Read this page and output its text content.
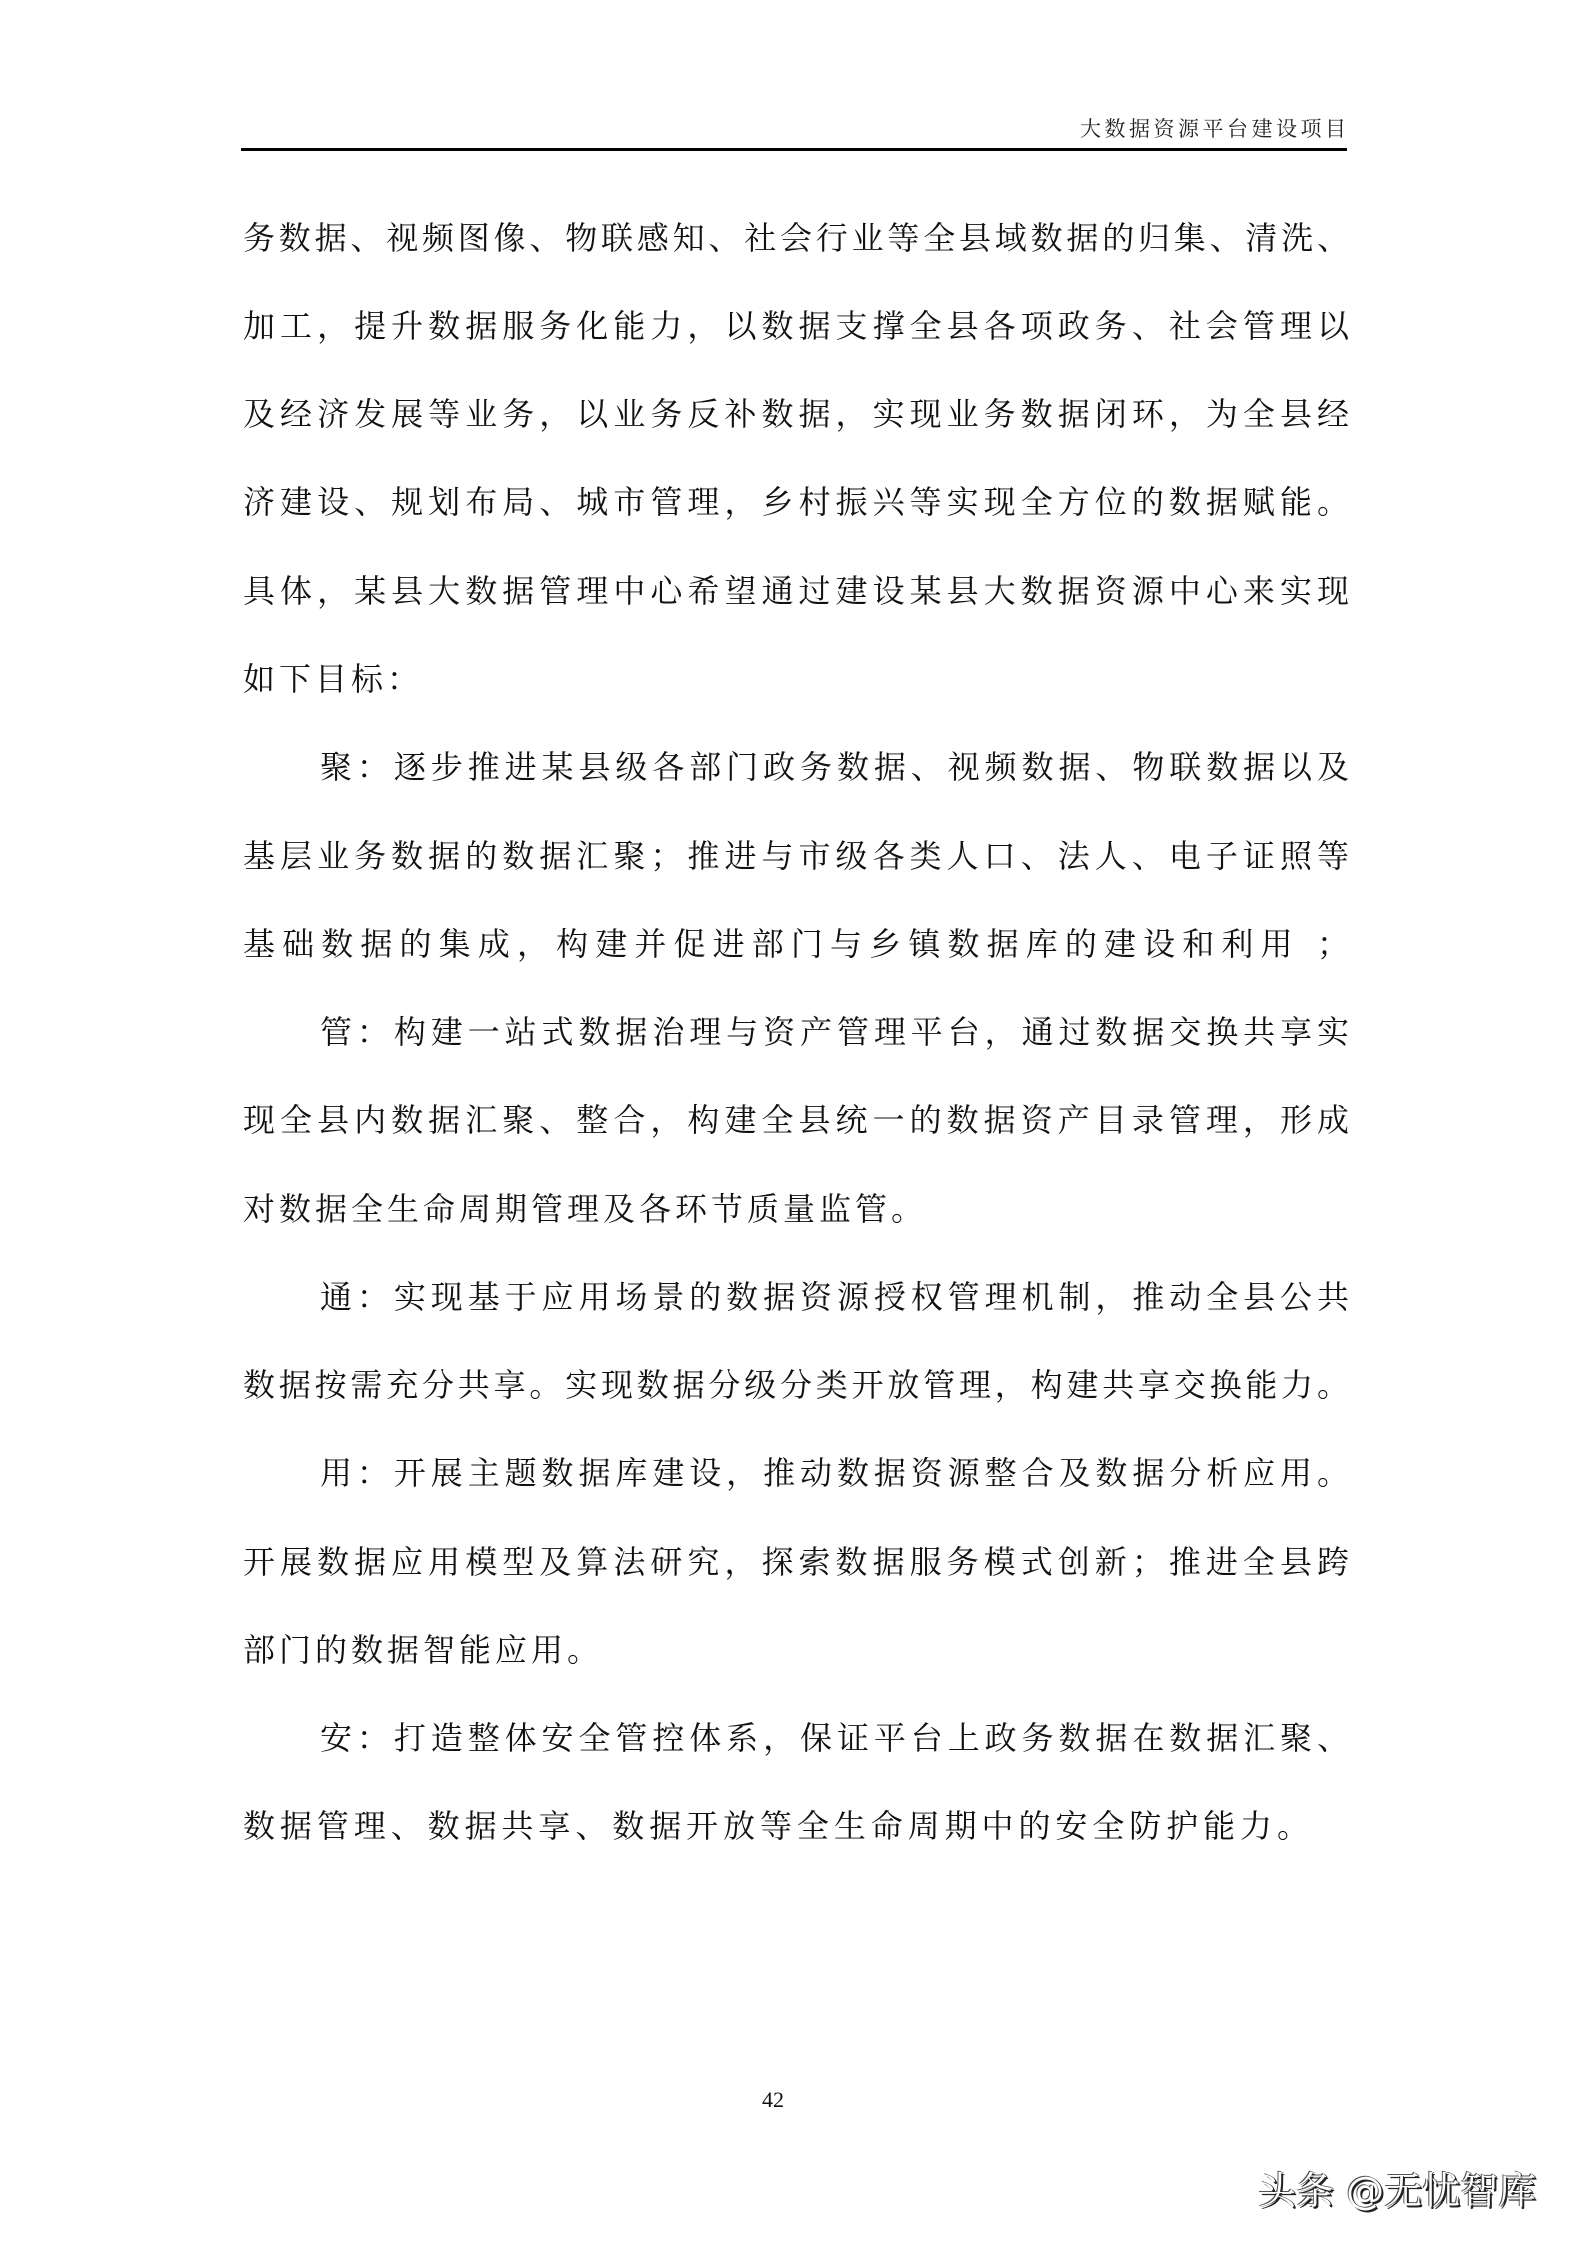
大数据资源平台建设项目
务数据、视频图像、物联感知、社会行业等全县域数据的归集、清洗、
加工，提升数据服务化能力，以数据支撑全县各项政务、社会管理以
及经济发展等业务，以业务反补数据，实现业务数据闭环，为全县经
济建设、规划布局、城市管理，乡村振兴等实现全方位的数据赋能。
具体，某县大数据管理中心希望通过建设某县大数据资源中心来实现
如下目标：
聚：逐步推进某县级各部门政务数据、视频数据、物联数据以及
基层业务数据的数据汇聚；推进与市级各类人口、法人、电子证照等
基础数据的集成，构建并促进部门与乡镇数据库的建设和利用 ；
管：构建一站式数据治理与资产管理平台，通过数据交换共享实
现全县内数据汇聚、整合，构建全县统一的数据资产目录管理，形成
对数据全生命周期管理及各环节质量监管。
通：实现基于应用场景的数据资源授权管理机制，推动全县公共
数据按需充分共享。实现数据分级分类开放管理，构建共享交换能力。
用：开展主题数据库建设，推动数据资源整合及数据分析应用。
开展数据应用模型及算法研究，探索数据服务模式创新；推进全县跨
部门的数据智能应用。
安：打造整体安全管控体系，保证平台上政务数据在数据汇聚、
数据管理、数据共享、数据开放等全生命周期中的安全防护能力。
42
头条 @无忧智库
